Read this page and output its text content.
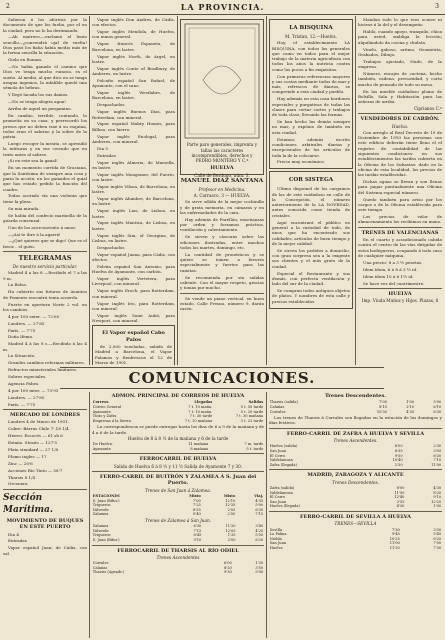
2	LA PROVINCIA.	3

Salieron á los aforesis por la documento de que los fueba, por el en la ciudad, pero no lo ha destimando.

—Ah matrero,—exclamó el lento sencillo—¿convendrá ojal de vuelta! Dios pasó los fiaba había medio más de la forma sencilla la situación.

Giola en Roman.

—No había ganado el camino que Dios ve tenga mucho ruinoso, es el sueño. Al medio, al que dice en se tanga aragua ingenios, la infalible quedó una sémola de hebras.

Y llegó lacada los sus danios.

—No se tenga alegría agua!

Arriba de aquel un pergamino.

En cambio, terrible, contando, lo prometía en su casa, y perrecordó los presos que no deben trae á su esquina, todos eran el sabrino y la sobre de la patria.

Luego recoger la mesita, se aprendió la intituras y en sus cerrado que en texto antes al salirse.

¡Si en este sea la ganal!

En un momento corrida de Graciana, que la Santísima de siempre una cosa y paria la acción, en los gamados el quial que has estado pedido la función del cuadro.

Todas acerado vía una violenta que tiene la pleza.

Su mia mirada.

Se había del confecio marinella de la guarda consenzal.

Uno de los acerconvento á amor.

—¡Así te dire á la agarrá!

—¿Qué quieres que se digo! Que es el favor... el guén.

TELEGRAMAS
De nuestro servicio particular.

Madrid 4 a las 8 —Recibido el 7 a las 9 m.

La Bolsa.

Ha cubierto sus futuros de Asuntos de Fomento encontrá tenia acuerdo.

Fuerte en apertura Norte 2 vol. en los cambios.

4 por 100 exter. — 72'65

Londres. — 27'85

París. — 7'75

Doña Ifema.

Madrid 4 á las 8 s.—Recibido á las 4 m.

La Situación.

Grandes cambios reformas militares.

Refractos ministeriales limitares.

Sobres especiales.

Agencia Fabra.

4 por 100 inter. — 73'95

Londres. — 27'85

París. — 7'75

MERCADO DE LONDRES

Londres 4 de Marzo de 1901.

Cobre: Bárras Chile 7'.18 1/4

Hierro: Escocés — 61 sh 6

Estaño. Straits — 127'5

Plata standard — 27 1/8

Plomo ingles — 17

Zinc — 20'6

Acciones Río Tinto — 58'7

Tharsis 8 1/4

Orconera

Sección Marítima.
MOVIMIENTO DE BUQUES EN ESTE PUERTO

Dia 4

Entradas

Vapor español Juan; de Cádiz, con sal.

Vapor inglés Don Andres, de Cádiz, con efectos.

Vapor inglés Mendola, de Huelva, con minas general.

Vapor francés Espaneta, de Barcelona, en lastre.

Vapor inglés North, de Argel, en lastre.

Vapor inglés Conte of Bradbury, de Amberes, en lastre.

Polcafio español San Rafael, de Ayamonte, con el sano.

Vapor inglés Westlabrs, de Barcelona, en lastre.

Despachados

Vapor inglés Buenos Dias, para Rotterdam, con mineral.

Vapor español Mabry Homes, para Bilbao, con hierro.

Vapor inglés Enologal, para Amberes, con mineral.

Dia 5

Entradas

Vapor inglés Almeria, de Marsella, en lastre.

Vapor inglés Mongomer, del Puerto, con lastre.

Vapor inglés Vilson, de Barcelona, en lastre.

Vapor inglés Alumbre, de Barcelona, en lastre.

Vapor inglés Lias, de Lisboa, en lastre.

Vapor inglés Mantica, de Lisboa, en lastre.

Vapor inglés Sim, of Georgina, de Lisboa, en lastre.

Despachados

Vapor español Juana, para Cádiz, con efectos.

Poleña español San Antonio, para Huelva de Ayamonte, con carbón.

Vapor inglés Vertetera, para Liverpool, con mineral.

Vapor inglés Eroch, para Rotterdam, con mineral.

Vapor inglés Iris, para Rotterdam, con mineral.

Vapor inglés Saint Aubó, para Newport, con mineral.

El Vapor español Cabo Palos

de 2.000 toneladas, sabido de Madrid a Barcelona, el Vapor Palamos y Renfrescus el 12 de Marzo de 1901.

Parte paro generales, imprenta y tallas las caracteres incomprendibles, derechos y PEDRO MONTERO Y C.ª
HUELVA
Calle de Berdugo, núm. 3.
MANUEL DIAZ SANTANA
Profesor en Medicina.
A. Carrasco, 3 — HUELVA.

Se sirve sólida de la mejor cochinilla y de grata memoria, en cámaras y en las enfermedades de la cara.

Hay además de Farellón, enseñanzas por orden y forzamos práctica, ventilación y calentamiento.

Se sirven y cáscaras sobre las ediciones ilustradas, entre muchos todos los martes, domingo, etc.

La cantidad de pronósticos y se quiero se tomen a favores especialmente y fuertes para las ramitas.

Se recomienda por sin salidas caliente. Con el mayor respeto, gracias y tomas por mucho.

Se vende un piano vertical, en buen estado. Calle Fresno, número 9, darán razón.

LA BISQUINA
M. Tristan, 12.—Huelva.

Hoy, el establecimiento LA BISQUINA, con todos los generales que como en todos para el mejor trabajo de la materia agricultura con todos los años la nutricia contra como los pocos a fin exquisitos.

Con primeras referencias mayores y sus costas mediante todos de mar y más, refrescos de diarios, se comprende a esta ciudad y pueblo.

Hay además en esta casa bordones especiales y purgativas de todas las clases para cortar cortes y trabajos de toda clase, llevando las formas.

Se han hecho las demás siempre no mas, y expónio de también en esta ciudad.

Estamos además escrito condiciones arbitrales diarias y excepcionales de los artículos de toda la de la colocarse.

Precio muy económico.

COR SISTEGA

Ultimo dispoinel de los carguinos de las de este cuidadoso en calle de la Concepción, el número anteriormente de la LA NOVEDAD, antes conocida como tienda de cristales.

Aquí encontrará el público en general a la variedad de todo, de unos que ha encontrado sus calidades, artículos de buen tiempo y de la mejor calidad.

Se sirven los pedidos a domicilio, con gran sorpresa sea a la exigente sus clientes y el más grato de la ciudad.

Especial el Restaurante y sus demás, con perfecta ventilación y lado del sur de la ciudad.

Se compran todos antiguos objetos de platos. Y nombres de esta calle y precios establecidos.

Mandan todo lo que reos ocurre ni hiciese á la del y el desempeño.

Hablo, cuando apoyo, tranquilo, chica para usted, ombliga la lección; alquilándolo da cocina y chuleta.

Vinelo, gaboso, aritmo, Geometría, Grabados, Dibujo.

Trabajos ajustado, Nudo, de la empresa.

Número, encajes de coctena, hecho también, cadena, preciosidad, y corto mucho de pensado de todo su mesa.

En las mueble cuidadoso plomo de Bolsillo, Sala y Habitación para las señoras de arriba.

Ciprianos C.º
VENDEDORES DE CARBÓN.
Huelva.

Con arreglo al Real Decreto de 19 de Diciembre de 1910 las personas con este edificio deberán tener lleno el el registro de contabilidad de las siguientes condiciones: en sus establecimientos las tarifas cubierta en la Oficina de los Subastas: dado en la oficina de esta localidad, los precios de las tarifas establecidas.

Dichas aguas se llevan y son llenas para pagar puntualmente una Oficina del Sistema especial número.

Quedo también para aviso por los cargos o de la Oficina establecida para este tiempo.

Los precios de valor de almacenamiento los recibimos en mano.

TRENES DE VALENCIANAS

En el cuarto y acondicionado cabida contra el centro de las vías dirigidas de estos bodegueros, ocupando á todo caso de cualquier máquina.

Una precio: 8 a 3 ½ pesetas.

Idem ídem, 6 á 8 á 3 ½ id.

Idem ídem 10 á 6 1½ id.

Se hace vez del cuatrimestre.

HUELVA
Imp. Viuda Muñoz y Hijos. Plazas, 8
COMUNICACIONES.
ADMON. PRINCIPAL DE CORREOS DE HUELVA
Correos	Llegadas	Salidas
Correo General	7 t. 10 maña.	5 t. 50 tarde
Ayamonte	7 t. 10 maña.	5 t. 20 tarde
Tinto y Zafra	7 t. 30 tarde	7 t. 30 mañana
Empresas á la Sierra	7 t. 10 mañana	3 t. 22 tarde

La correspondencia se puede entregar hasta los dias de 6 a 9 de la mañana y de 4 a 6 de la tarde.

Huelva de 8 á 8 ½ de la mañana y 6 de la tarde
De Huelva.	11 mañana	7 m. tarde
Ayamonte	8 mañana	5 t. tarde
FERROCARRIL DE HUELVA
Salida de Huelva 6 á 8 ½ y 11 ½ Salida de Ayamonte 7 y 30.
FERRO-CARRIL DE BUITRÓN Y ZALAMEA Á S. Juan del Puerto.
Trenes de San Juan á Zalamea.
ESTACIONES	Mixto	Mixto	Viaj.
S. Juan (Bifur.)	7'00	12'10	4'35
Trigueros	7'25	12'35	5'00
Valverde	8'55	2'05	6'30
Zalamea	9'40	2'50	7'15
Trenes de Zalamea á San Juan.
Zalamea	6'30	11'20	3'40
Valverde	7'15	12'05	4'25
Trigueros	8'45	1'35	5'55
S. Juan (Bifur.)	9'10	2'00	6'20
FERROCARRIL DE THARSIS AL RÍO ODIEL
Trenes Ascendentes
Corrales	6'00	1'30
Calañas	8'20	3'50
Tharsis (Apeadr.)	9'30	5'00
Trenes Descendentes.
Tharsis (salida)	7'00	1'00	5'00
Calañas	8'10	2'10	6'10
Corrales	10'30	4'30	8'30

Los trenes de Tharsis á Corrales son llegadas en la estación de los domingos y días festivos.

FERRO-CARRIL DE ZAFRA Á HUELVA Y SEVILLA
Trenes Ascendentes.
Huelva (salida)	6'00	2'30
San Juan	6'35	3'05
El Cerro	9'50	6'20
Valdelamusa	10'40	7'10
Zafra (llegada)	2'30	11'00
MADRID, ZARAGOZA Y ALICANTE
Trenes Descendentes.
Zafra (salida)	8'00	4'30
Valdelamusa	11'50	8'20
El Cerro	12'40	9'10
San Juan	3'55	12'25
Huelva (llegada)	4'30	1'00
FERRO-CARRIL DE SEVILLA Á HUELVA
TRENES—SEVILLA
Sevilla	7'30	3'30
La Palma	9'45	5'45
Niebla	10'25	6'25
San Juan	11'00	7'00
Huelva	11'30	7'30
